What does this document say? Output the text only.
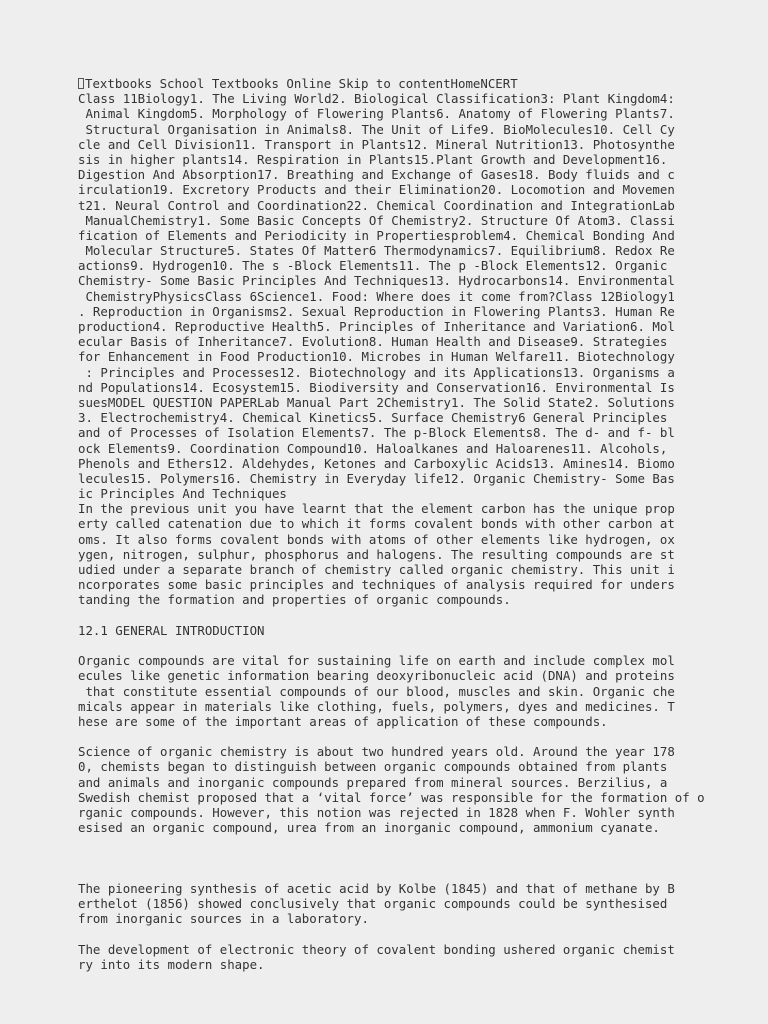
Textbooks School Textbooks Online Skip to contentHomeNCERT
Class 11Biology1. The Living World2. Biological Classification3: Plant Kingdom4:
Animal Kingdom5. Morphology of Flowering Plants6. Anatomy of Flowering Plants7.
Structural Organisation in Animals8. The Unit of Life9. BioMolecules10. Cell Cy
cle and Cell Division11. Transport in Plants12. Mineral Nutrition13. Photosynthe
sis in higher plants14. Respiration in Plants15.Plant Growth and Development16.
Digestion And Absorption17. Breathing and Exchange of Gases18. Body fluids and c
irculation19. Excretory Products and their Elimination20. Locomotion and Movemen
t21. Neural Control and Coordination22. Chemical Coordination and IntegrationLab
ManualChemistry1. Some Basic Concepts Of Chemistry2. Structure Of Atom3. Classi
fication of Elements and Periodicity in Propertiesproblem4. Chemical Bonding And
Molecular Structure5. States Of Matter6 Thermodynamics7. Equilibrium8. Redox Re
actions9. Hydrogen10. The s -Block Elements11. The p -Block Elements12. Organic
Chemistry- Some Basic Principles And Techniques13. Hydrocarbons14. Environmental
ChemistryPhysicsClass 6Science1. Food: Where does it come from?Class 12Biology1
. Reproduction in Organisms2. Sexual Reproduction in Flowering Plants3. Human Re
production4. Reproductive Health5. Principles of Inheritance and Variation6. Mol
ecular Basis of Inheritance7. Evolution8. Human Health and Disease9. Strategies
for Enhancement in Food Production10. Microbes in Human Welfare11. Biotechnology
: Principles and Processes12. Biotechnology and its Applications13. Organisms a
nd Populations14. Ecosystem15. Biodiversity and Conservation16. Environmental Is
suesMODEL QUESTION PAPERLab Manual Part 2Chemistry1. The Solid State2. Solutions
3. Electrochemistry4. Chemical Kinetics5. Surface Chemistry6 General Principles
and of Processes of Isolation Elements7. The p-Block Elements8. The d- and f- bl
ock Elements9. Coordination Compound10. Haloalkanes and Haloarenes11. Alcohols,
Phenols and Ethers12. Aldehydes, Ketones and Carboxylic Acids13. Amines14. Biomo
lecules15. Polymers16. Chemistry in Everyday life12. Organic Chemistry- Some Bas
ic Principles And Techniques
In the previous unit you have learnt that the element carbon has the unique prop
erty called catenation due to which it forms covalent bonds with other carbon at
oms. It also forms covalent bonds with atoms of other elements like hydrogen, ox
ygen, nitrogen, sulphur, phosphorus and halogens. The resulting compounds are st
udied under a separate branch of chemistry called organic chemistry. This unit i
ncorporates some basic principles and techniques of analysis required for unders
tanding the formation and properties of organic compounds.
12.1 GENERAL INTRODUCTION
Organic compounds are vital for sustaining life on earth and include complex mol
ecules like genetic information bearing deoxyribonucleic acid (DNA) and proteins
that constitute essential compounds of our blood, muscles and skin. Organic che
micals appear in materials like clothing, fuels, polymers, dyes and medicines. T
hese are some of the important areas of application of these compounds.
Science of organic chemistry is about two hundred years old. Around the year 178
0, chemists began to distinguish between organic compounds obtained from plants
and animals and inorganic compounds prepared from mineral sources. Berzilius, a
Swedish chemist proposed that a ‘vital force’ was responsible for the formation of o
rganic compounds. However, this notion was rejected in 1828 when F. Wohler synth
esised an organic compound, urea from an inorganic compound, ammonium cyanate.
The pioneering synthesis of acetic acid by Kolbe (1845) and that of methane by B
erthelot (1856) showed conclusively that organic compounds could be synthesised
from inorganic sources in a laboratory.
The development of electronic theory of covalent bonding ushered organic chemist
ry into its modern shape.
